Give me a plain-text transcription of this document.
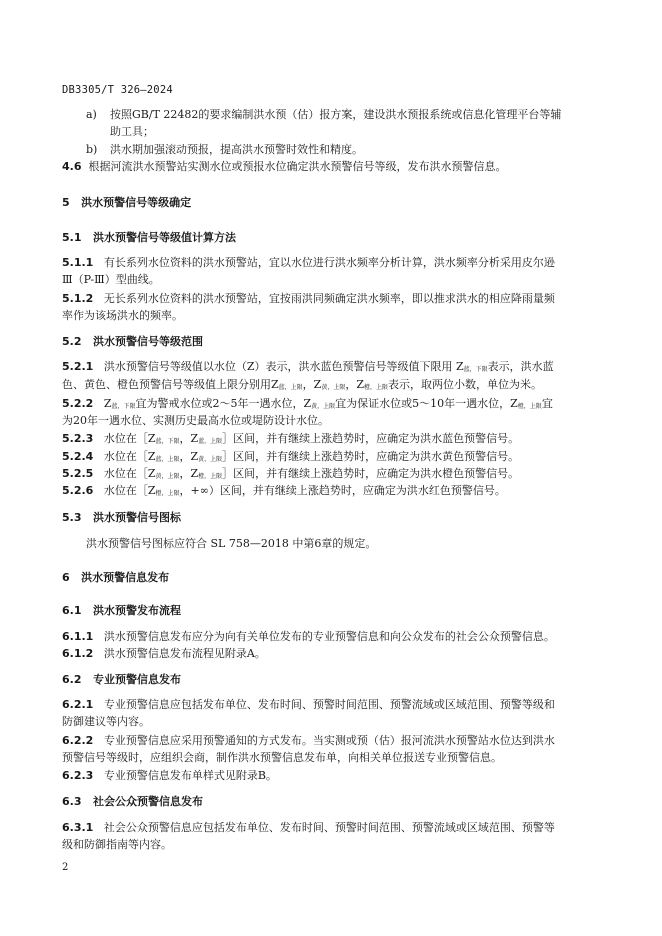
DB3305/T 326—2024
a) 按照GB/T 22482的要求编制洪水预（估）报方案，建设洪水预报系统或信息化管理平台等辅
助工具；
b) 洪水期加强滚动预报，提高洪水预警时效性和精度。
4.6 根据河流洪水预警站实测水位或预报水位确定洪水预警信号等级，发布洪水预警信息。
5 洪水预警信号等级确定
5.1 洪水预警信号等级值计算方法
5.1.1 有长系列水位资料的洪水预警站，宜以水位进行洪水频率分析计算，洪水频率分析采用皮尔逊
Ⅲ（P-Ⅲ）型曲线。
5.1.2 无长系列水位资料的洪水预警站，宜按雨洪同频确定洪水频率，即以推求洪水的相应降雨量频
率作为该场洪水的频率。
5.2 洪水预警信号等级范围
5.2.1 洪水预警信号等级值以水位（Z）表示，洪水蓝色预警信号等级值下限用 Z蓝，下限表示，洪水蓝
色、黄色、橙色预警信号等级值上限分别用Z蓝，上限，Z黄，上限，Z橙，上限表示，取两位小数，单位为米。
5.2.2 Z蓝，下限宜为警戒水位或2～5年一遇水位，Z黄，上限宜为保证水位或5～10年一遇水位，Z橙，上限宜
为20年一遇水位、实测历史最高水位或堤防设计水位。
5.2.3 水位在［Z蓝，下限，Z蓝，上限］区间，并有继续上涨趋势时，应确定为洪水蓝色预警信号。
5.2.4 水位在［Z蓝，上限，Z黄，上限］区间，并有继续上涨趋势时，应确定为洪水黄色预警信号。
5.2.5 水位在［Z黄，上限，Z橙，上限］区间，并有继续上涨趋势时，应确定为洪水橙色预警信号。
5.2.6 水位在［Z橙，上限，+∞）区间，并有继续上涨趋势时，应确定为洪水红色预警信号。
5.3 洪水预警信号图标
洪水预警信号图标应符合 SL 758—2018 中第6章的规定。
6 洪水预警信息发布
6.1 洪水预警发布流程
6.1.1 洪水预警信息发布应分为向有关单位发布的专业预警信息和向公众发布的社会公众预警信息。
6.1.2 洪水预警信息发布流程见附录A。
6.2 专业预警信息发布
6.2.1 专业预警信息应包括发布单位、发布时间、预警时间范围、预警流域或区域范围、预警等级和
防御建议等内容。
6.2.2 专业预警信息应采用预警通知的方式发布。当实测或预（估）报河流洪水预警站水位达到洪水
预警信号等级时，应组织会商，制作洪水预警信息发布单，向相关单位报送专业预警信息。
6.2.3 专业预警信息发布单样式见附录B。
6.3 社会公众预警信息发布
6.3.1 社会公众预警信息应包括发布单位、发布时间、预警时间范围、预警流域或区域范围、预警等
级和防御指南等内容。
2
